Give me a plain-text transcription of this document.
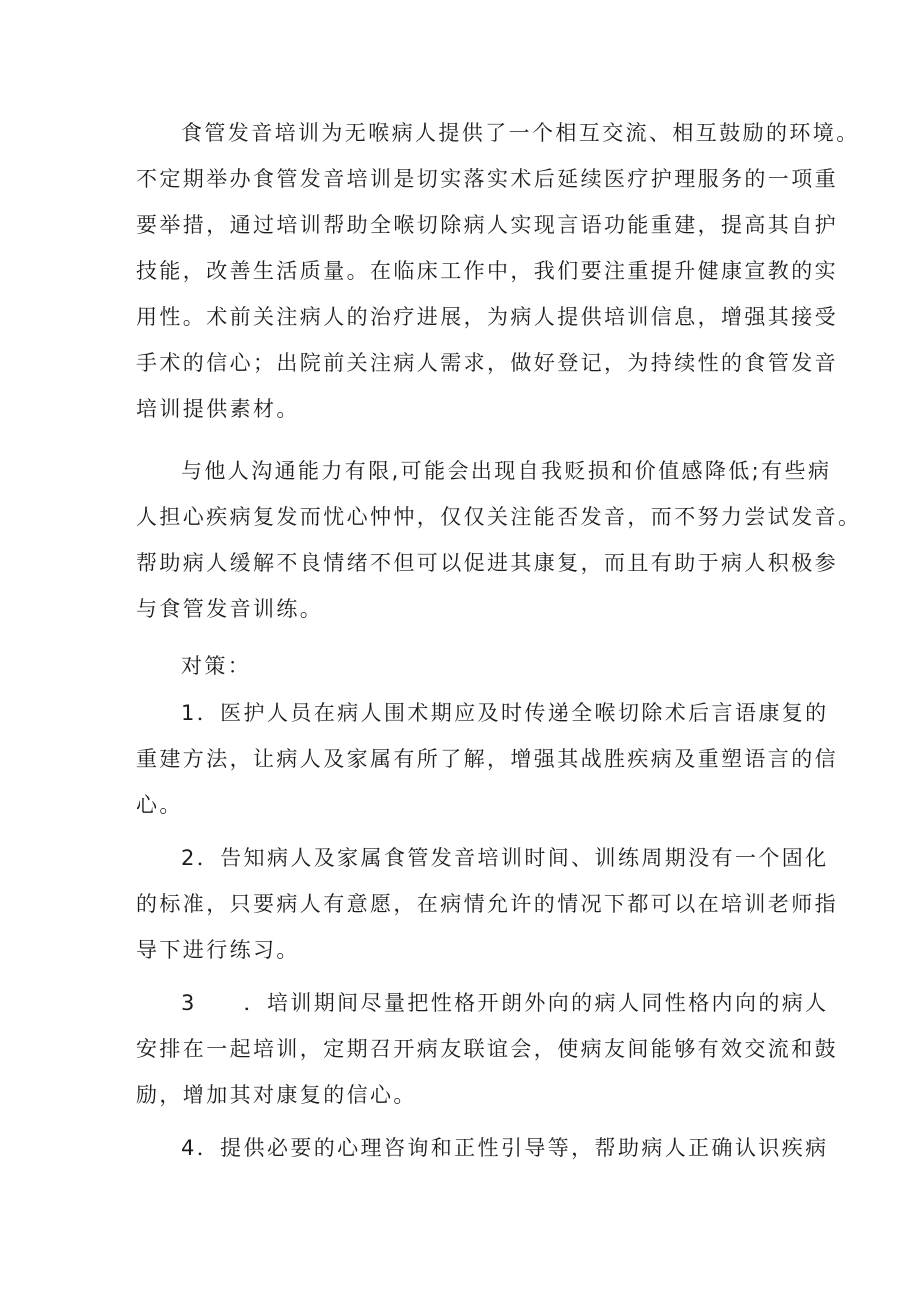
食管发音培训为无喉病人提供了一个相互交流、相互鼓励的环境。
不定期举办食管发音培训是切实落实术后延续医疗护理服务的一项重
要举措，通过培训帮助全喉切除病人实现言语功能重建，提高其自护
技能，改善生活质量。在临床工作中，我们要注重提升健康宣教的实
用性。术前关注病人的治疗进展，为病人提供培训信息，增强其接受
手术的信心；出院前关注病人需求，做好登记，为持续性的食管发音
培训提供素材。
与他人沟通能力有限,可能会出现自我贬损和价值感降低;有些病
人担心疾病复发而忧心忡忡，仅仅关注能否发音，而不努力尝试发音。
帮助病人缓解不良情绪不但可以促进其康复，而且有助于病人积极参
与食管发音训练。
对策：
1．医护人员在病人围术期应及时传递全喉切除术后言语康复的
重建方法，让病人及家属有所了解，增强其战胜疾病及重塑语言的信
心。
2．告知病人及家属食管发音培训时间、训练周期没有一个固化
的标准，只要病人有意愿，在病情允许的情况下都可以在培训老师指
导下进行练习。
3　　．培训期间尽量把性格开朗外向的病人同性格内向的病人
安排在一起培训，定期召开病友联谊会，使病友间能够有效交流和鼓
励，增加其对康复的信心。
4．提供必要的心理咨询和正性引导等，帮助病人正确认识疾病
